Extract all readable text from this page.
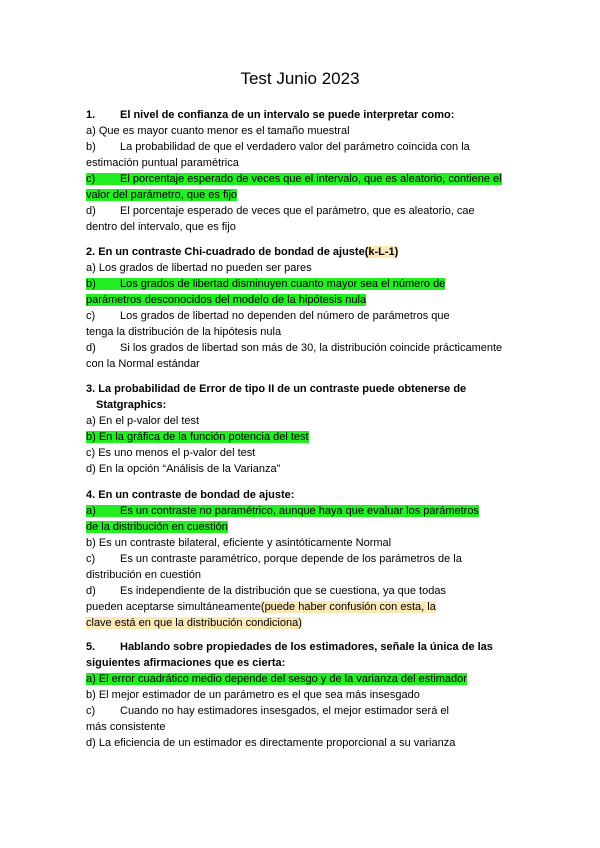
Test Junio 2023
1.	El nivel de confianza de un intervalo se puede interpretar como:
a) Que es mayor cuanto menor es el tamaño muestral
b) La probabilidad de que el verdadero valor del parámetro coincida con la
estimación puntual paramétrica
c) El porcentaje esperado de veces que el intervalo, que es aleatorio, contiene el
valor del parámetro, que es fijo
d) El porcentaje esperado de veces que el parámetro, que es aleatorio, cae
dentro del intervalo, que es fijo
2. En un contraste Chi-cuadrado de bondad de ajuste(k-L-1)
a) Los grados de libertad no pueden ser pares
b) Los grados de libertad disminuyen cuanto mayor sea el número de
parámetros desconocidos del modelo de la hipótesis nula
c) Los grados de libertad no dependen del número de parámetros que
tenga la distribución de la hipótesis nula
d) Si los grados de libertad son más de 30, la distribución coincide prácticamente
con la Normal estándar
3. La probabilidad de Error de tipo II de un contraste puede obtenerse de
Statgraphics:
a) En el p-valor del test
b) En la gráfica de la función potencia del test
c) Es uno menos el p-valor del test
d) En la opción “Análisis de la Varianza”
4. En un contraste de bondad de ajuste:
a) Es un contraste no paramétrico, aunque haya que evaluar los parámetros
de la distribución en cuestión
b) Es un contraste bilateral, eficiente y asintóticamente Normal
c) Es un contraste paramétrico, porque depende de los parámetros de la
distribución en cuestión
d) Es independiente de la distribución que se cuestiona, ya que todas
pueden aceptarse simultáneamente(puede haber confusión con esta, la
clave está en que la distribución condiciona)
5.	Hablando sobre propiedades de los estimadores, señale la única de las
siguientes afirmaciones que es cierta:
a) El error cuadrático medio depende del sesgo y de la varianza del estimador
b) El mejor estimador de un parámetro es el que sea más insesgado
c) Cuando no hay estimadores insesgados, el mejor estimador será el
más consistente
d) La eficiencia de un estimador es directamente proporcional a su varianza
